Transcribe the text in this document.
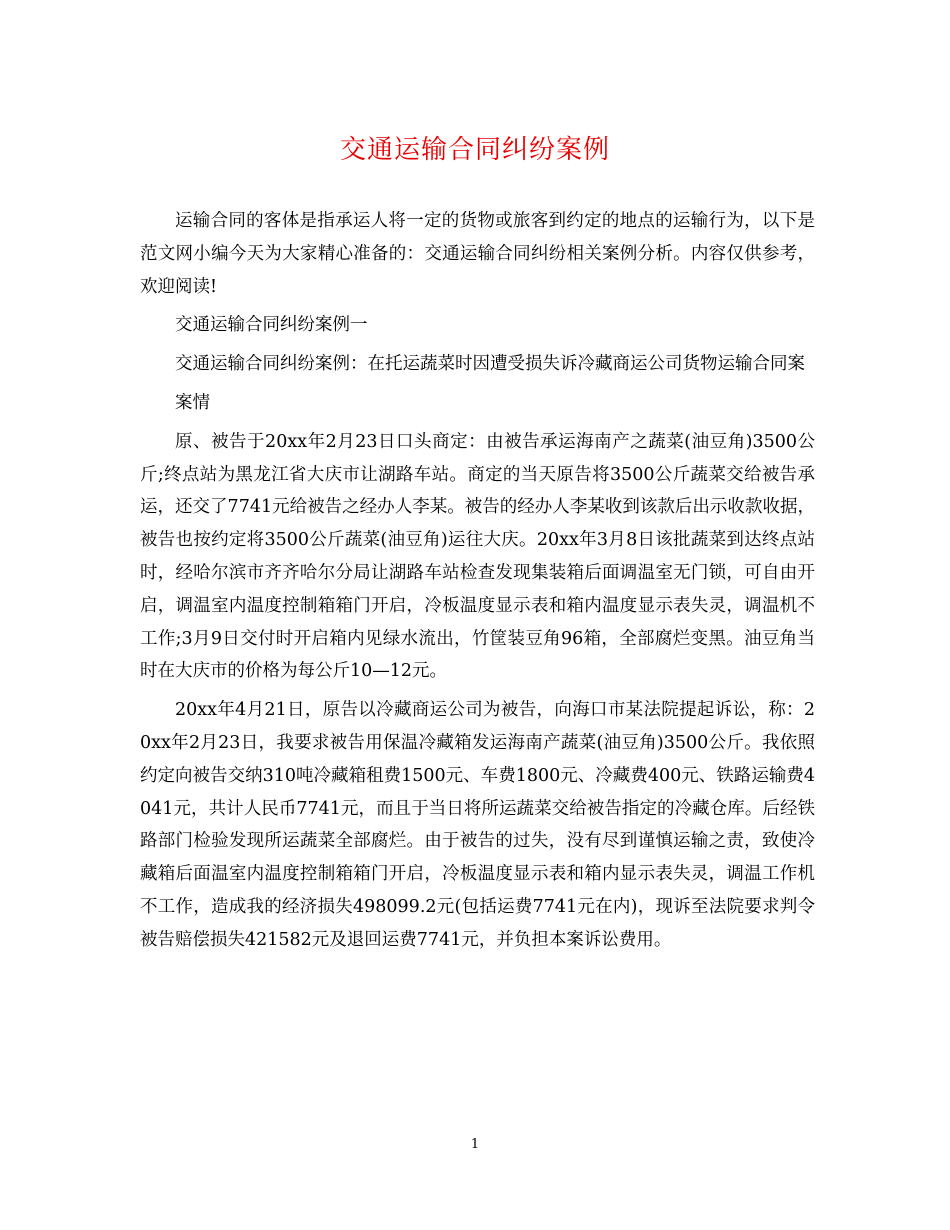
交通运输合同纠纷案例

运输合同的客体是指承运人将一定的货物或旅客到约定的地点的运输行为，以下是范文网小编今天为大家精心准备的：交通运输合同纠纷相关案例分析。内容仅供参考，欢迎阅读!

交通运输合同纠纷案例一

交通运输合同纠纷案例：在托运蔬菜时因遭受损失诉冷藏商运公司货物运输合同案

案情

原、被告于20xx年2月23日口头商定：由被告承运海南产之蔬菜(油豆角)3500公斤;终点站为黑龙江省大庆市让湖路车站。商定的当天原告将3500公斤蔬菜交给被告承运，还交了7741元给被告之经办人李某。被告的经办人李某收到该款后出示收款收据，被告也按约定将3500公斤蔬菜(油豆角)运往大庆。20xx年3月8日该批蔬菜到达终点站时，经哈尔滨市齐齐哈尔分局让湖路车站检查发现集装箱后面调温室无门锁，可自由开启，调温室内温度控制箱箱门开启，冷板温度显示表和箱内温度显示表失灵，调温机不工作;3月9日交付时开启箱内见绿水流出，竹筐装豆角96箱，全部腐烂变黑。油豆角当时在大庆市的价格为每公斤10—12元。

20xx年4月21日，原告以冷藏商运公司为被告，向海口市某法院提起诉讼，称：20xx年2月23日，我要求被告用保温冷藏箱发运海南产蔬菜(油豆角)3500公斤。我依照约定向被告交纳310吨冷藏箱租费1500元、车费1800元、冷藏费400元、铁路运输费4041元，共计人民币7741元，而且于当日将所运蔬菜交给被告指定的冷藏仓库。后经铁路部门检验发现所运蔬菜全部腐烂。由于被告的过失，没有尽到谨慎运输之责，致使冷藏箱后面温室内温度控制箱箱门开启，冷板温度显示表和箱内显示表失灵，调温工作机不工作，造成我的经济损失498099.2元(包括运费7741元在内)，现诉至法院要求判令被告赔偿损失421582元及退回运费7741元，并负担本案诉讼费用。

1
